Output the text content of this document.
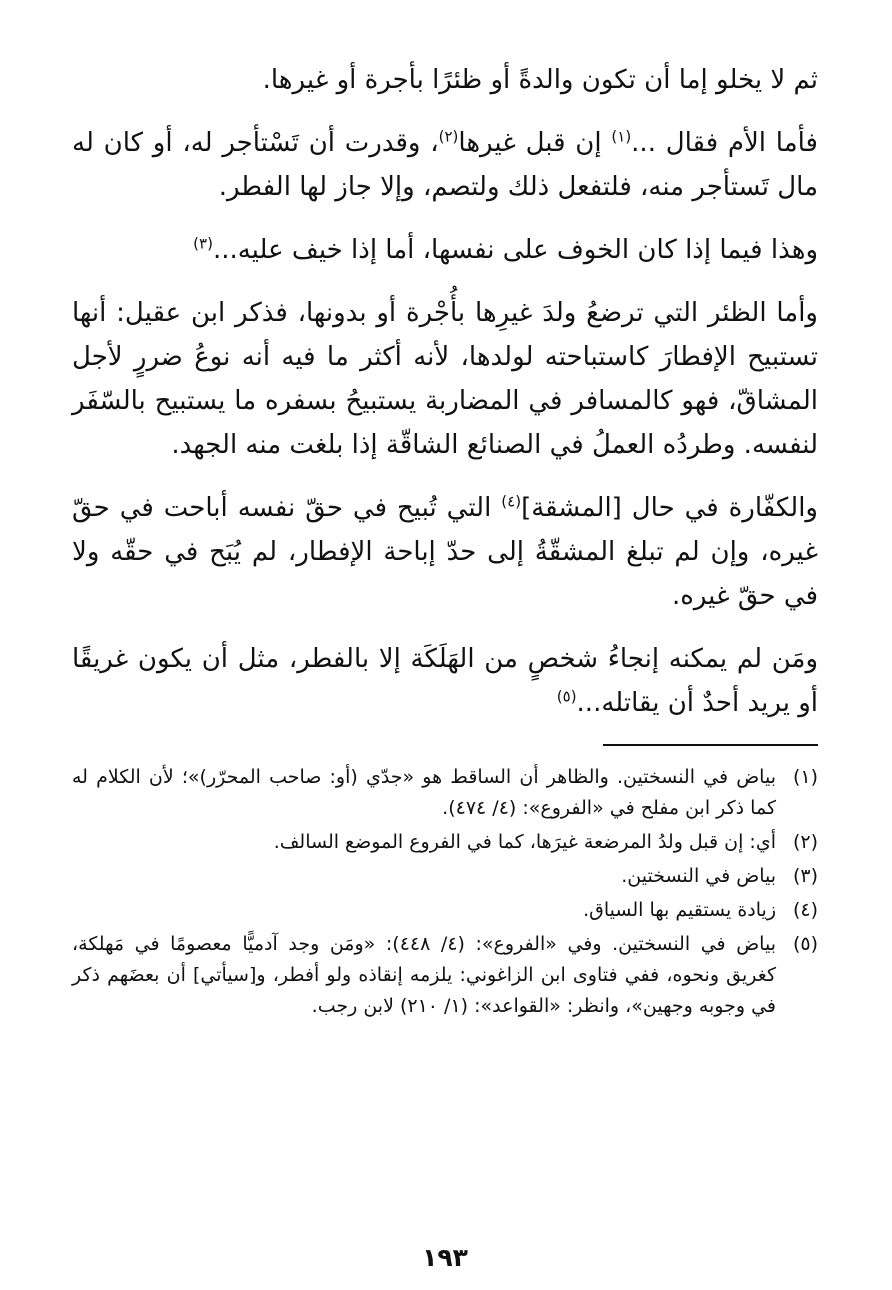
ثم لا يخلو إما أن تكون والدةً أو ظئرًا بأجرة أو غيرها.

فأما الأم فقال ...$^{(١)}$ إن قبل غيرها$^{(٢)}$، وقدرت أن تَسْتأجر له، أو كان له مال تَستأجر منه، فلتفعل ذلك ولتصم، وإلا جاز لها الفطر.

وهذا فيما إذا كان الخوف على نفسها، أما إذا خيف عليه...$^{(٣)}$

وأما الظئر التي ترضعُ ولدَ غيرِها بأُجْرة أو بدونها، فذكر ابن عقيل: أنها تستبيح الإفطارَ كاستباحته لولدها، لأنه أكثر ما فيه أنه نوعُ ضررٍ لأجل المشاقّ، فهو كالمسافر في المضاربة يستبيحُ بسفره ما يستبيح بالسّفَر لنفسه. وطردُه العملُ في الصنائع الشاقّة إذا بلغت منه الجهد.

والكفّارة في حال [المشقة]$^{(٤)}$ التي تُبيح في حقّ نفسه أباحت في حقّ غيره، وإن لم تبلغ المشقّةُ إلى حدّ إباحة الإفطار، لم يُبَح في حقّه ولا في حقّ غيره.

ومَن لم يمكنه إنجاءُ شخصٍ من الهَلَكَة إلا بالفطر، مثل أن يكون غريقًا أو يريد أحدٌ أن يقاتله...$^{(٥)}$

(١)
بياض في النسختين. والظاهر أن الساقط هو «جدّي (أو: صاحب المحرّر)»؛ لأن الكلام له كما ذكر ابن مفلح في «الفروع»: (٤/ ٤٧٤).
(٢)
أي: إن قبل ولدُ المرضعة غيرَها، كما في الفروع الموضع السالف.
(٣)
بياض في النسختين.
(٤)
زيادة يستقيم بها السياق.
(٥)
بياض في النسختين. وفي «الفروع»: (٤/ ٤٤٨): «ومَن وجد آدميًّا معصومًا في مَهلكة، كغريق ونحوه، ففي فتاوى ابن الزاغوني: يلزمه إنقاذه ولو أفطر، و[سيأتي] أن بعضَهم ذكر في وجوبه وجهين»، وانظر: «القواعد»: (١/ ٢١٠) لابن رجب.
١٩٣
